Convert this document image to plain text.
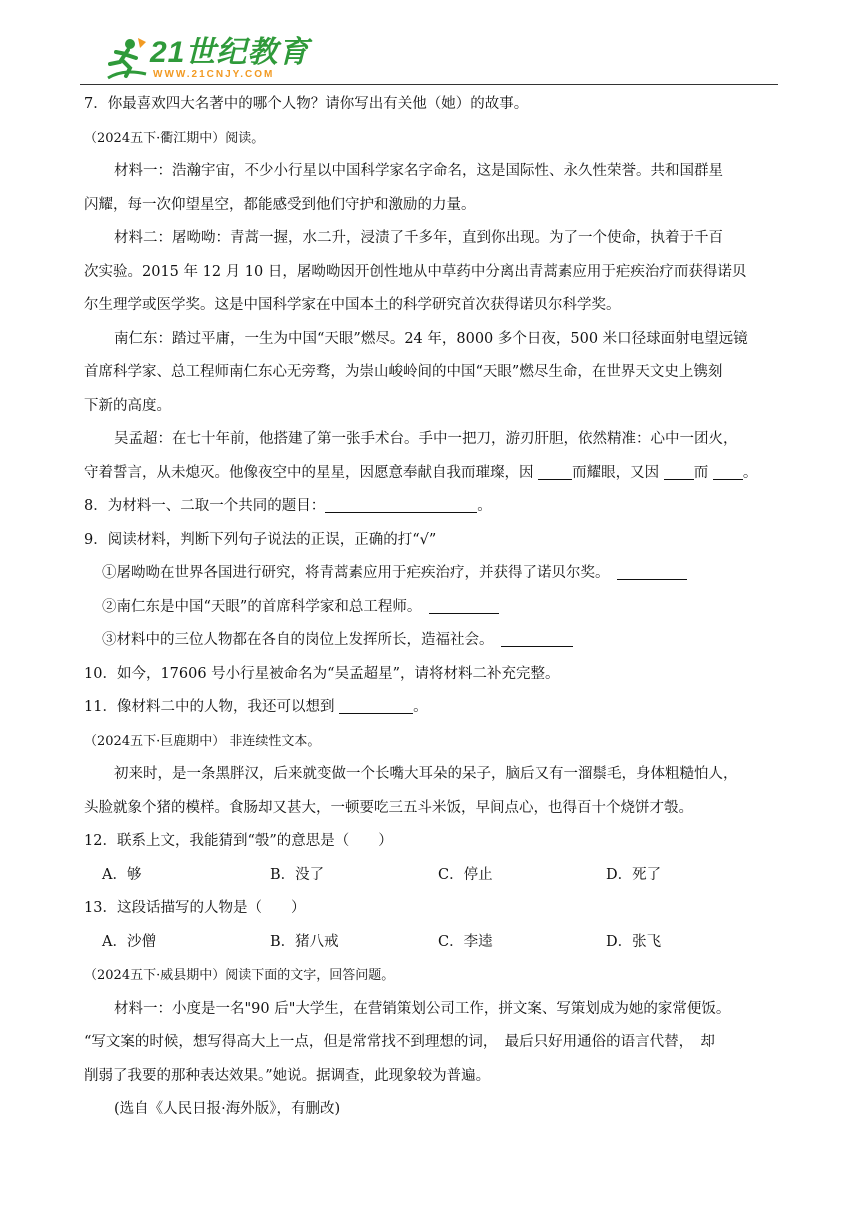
21世纪教育
WWW.21CNJY.COM
7．你最喜欢四大名著中的哪个人物？请你写出有关他（她）的故事。
（2024五下·衢江期中）阅读。
材料一：浩瀚宇宙，不少小行星以中国科学家名字命名，这是国际性、永久性荣誉。共和国群星
闪耀，每一次仰望星空，都能感受到他们守护和激励的力量。
材料二：屠呦呦：青蒿一握，水二升，浸渍了千多年，直到你出现。为了一个使命，执着于千百
次实验。2015 年 12 月 10 日，屠呦呦因开创性地从中草药中分离出青蒿素应用于疟疾治疗而获得诺贝
尔生理学或医学奖。这是中国科学家在中国本土的科学研究首次获得诺贝尔科学奖。
南仁东：踏过平庸，一生为中国“天眼”燃尽。24 年，8000 多个日夜，500 米口径球面射电望远镜
首席科学家、总工程师南仁东心无旁骛，为崇山峻岭间的中国“天眼”燃尽生命，在世界天文史上镌刻
下新的高度。
吴孟超：在七十年前，他搭建了第一张手术台。手中一把刀，游刃肝胆，依然精准：心中一团火，
守着誓言，从未熄灭。他像夜空中的星星，因愿意奉献自我而璀璨，因 而耀眼，又因 而 。
8．为材料一、二取一个共同的题目：	。
9．阅读材料，判断下列句子说法的正误，正确的打“√”
①屠呦呦在世界各国进行研究，将青蒿素应用于疟疾治疗，并获得了诺贝尔奖。　
②南仁东是中国“天眼”的首席科学家和总工程师。　
③材料中的三位人物都在各自的岗位上发挥所长，造福社会。　
10．如今，17606 号小行星被命名为“吴孟超星”，请将材料二补充完整。
11．像材料二中的人物，我还可以想到	。
（2024五下·巨鹿期中） 非连续性文本。
初来时，是一条黑胖汉，后来就变做一个长嘴大耳朵的呆子，脑后又有一溜鬃毛，身体粗糙怕人，
头脸就象个猪的模样。食肠却又甚大，一顿要吃三五斗米饭，早间点心，也得百十个烧饼才彀。
12．联系上文，我能猜到“彀”的意思是（　　）
A．够	B．没了	C．停止	D．死了
13．这段话描写的人物是（　　）
A．沙僧	B．猪八戒	C．李逵	D．张飞
（2024五下·威县期中）阅读下面的文字，回答问题。
材料一：小度是一名"90 后"大学生，在营销策划公司工作，拼文案、写策划成为她的家常便饭。
“写文案的时候，想写得高大上一点，但是常常找不到理想的词，　最后只好用通俗的语言代替，　却
削弱了我要的那种表达效果。”她说。据调查，此现象较为普遍。
(选自《人民日报·海外版》，有删改)
